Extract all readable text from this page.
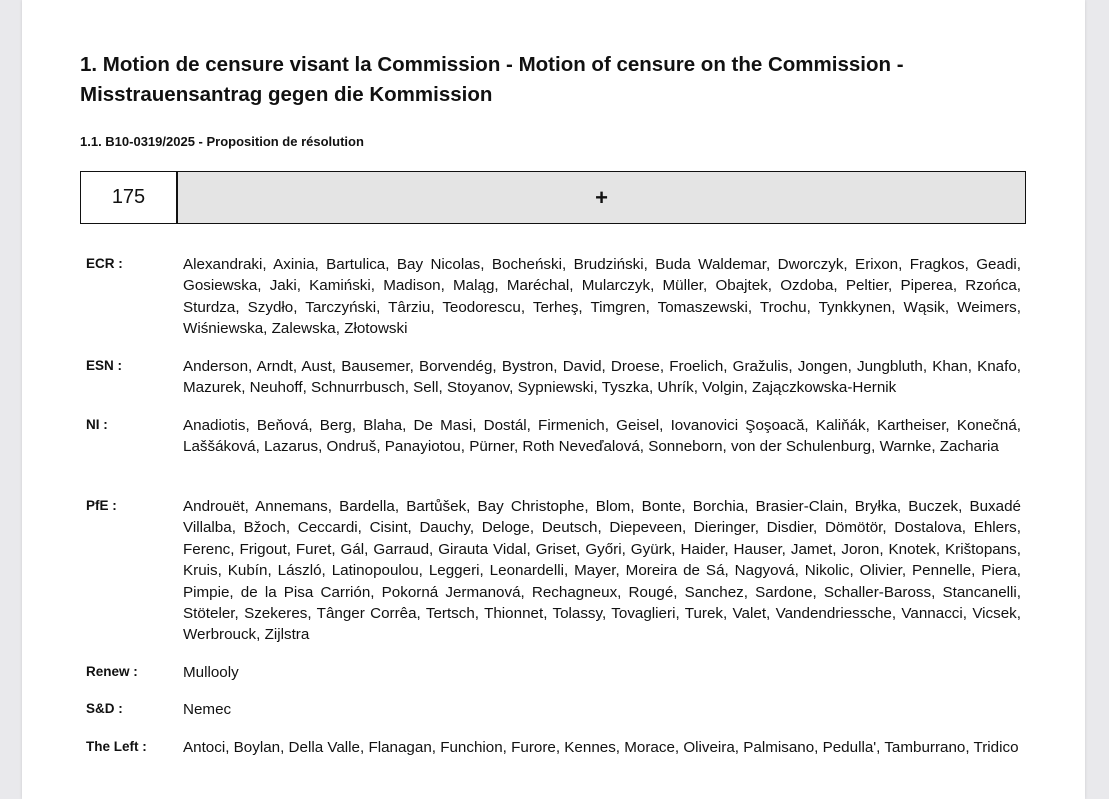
1. Motion de censure visant la Commission - Motion of censure on the Commission - Misstrauensantrag gegen die Kommission

1.1. B10-0319/2025 - Proposition de résolution

175	+
ECR :	Alexandraki, Axinia, Bartulica, Bay Nicolas, Bocheński, Brudziński, Buda Waldemar, Dworczyk, Erixon, Fragkos, Geadi, Gosiewska, Jaki, Kamiński, Madison, Maląg, Maréchal, Mularczyk, Müller, Obajtek, Ozdoba, Peltier, Piperea, Rzońca, Sturdza, Szydło, Tarczyński, Târziu, Teodorescu, Terheş, Timgren, Tomaszewski, Trochu, Tynkkynen, Wąsik, Weimers, Wiśniewska, Zalewska, Złotowski
ESN :	Anderson, Arndt, Aust, Bausemer, Borvendég, Bystron, David, Droese, Froelich, Gražulis, Jongen, Jungbluth, Khan, Knafo, Mazurek, Neuhoff, Schnurrbusch, Sell, Stoyanov, Sypniewski, Tyszka, Uhrík, Volgin, Zajączkowska-Hernik
NI :	Anadiotis, Beňová, Berg, Blaha, De Masi, Dostál, Firmenich, Geisel, Iovanovici Şoşoacă, Kaliňák, Kartheiser, Konečná, Laššáková, Lazarus, Ondruš, Panayiotou, Pürner, Roth Neveďalová, Sonneborn, von der Schulenburg, Warnke, Zacharia
PfE :	Androuët, Annemans, Bardella, Bartůšek, Bay Christophe, Blom, Bonte, Borchia, Brasier-Clain, Bryłka, Buczek, Buxadé Villalba, Bžoch, Ceccardi, Cisint, Dauchy, Deloge, Deutsch, Diepeveen, Dieringer, Disdier, Dömötör, Dostalova, Ehlers, Ferenc, Frigout, Furet, Gál, Garraud, Girauta Vidal, Griset, Győri, Gyürk, Haider, Hauser, Jamet, Joron, Knotek, Krištopans, Kruis, Kubín, László, Latinopoulou, Leggeri, Leonardelli, Mayer, Moreira de Sá, Nagyová, Nikolic, Olivier, Pennelle, Piera, Pimpie, de la Pisa Carrión, Pokorná Jermanová, Rechagneux, Rougé, Sanchez, Sardone, Schaller-Baross, Stancanelli, Stöteler, Szekeres, Tânger Corrêa, Tertsch, Thionnet, Tolassy, Tovaglieri, Turek, Valet, Vandendriessche, Vannacci, Vicsek, Werbrouck, Zijlstra
Renew :	Mullooly
S&D :	Nemec
The Left : Antoci, Boylan, Della Valle, Flanagan, Funchion, Furore, Kennes, Morace, Oliveira, Palmisano, Pedulla', Tamburrano, Tridico
